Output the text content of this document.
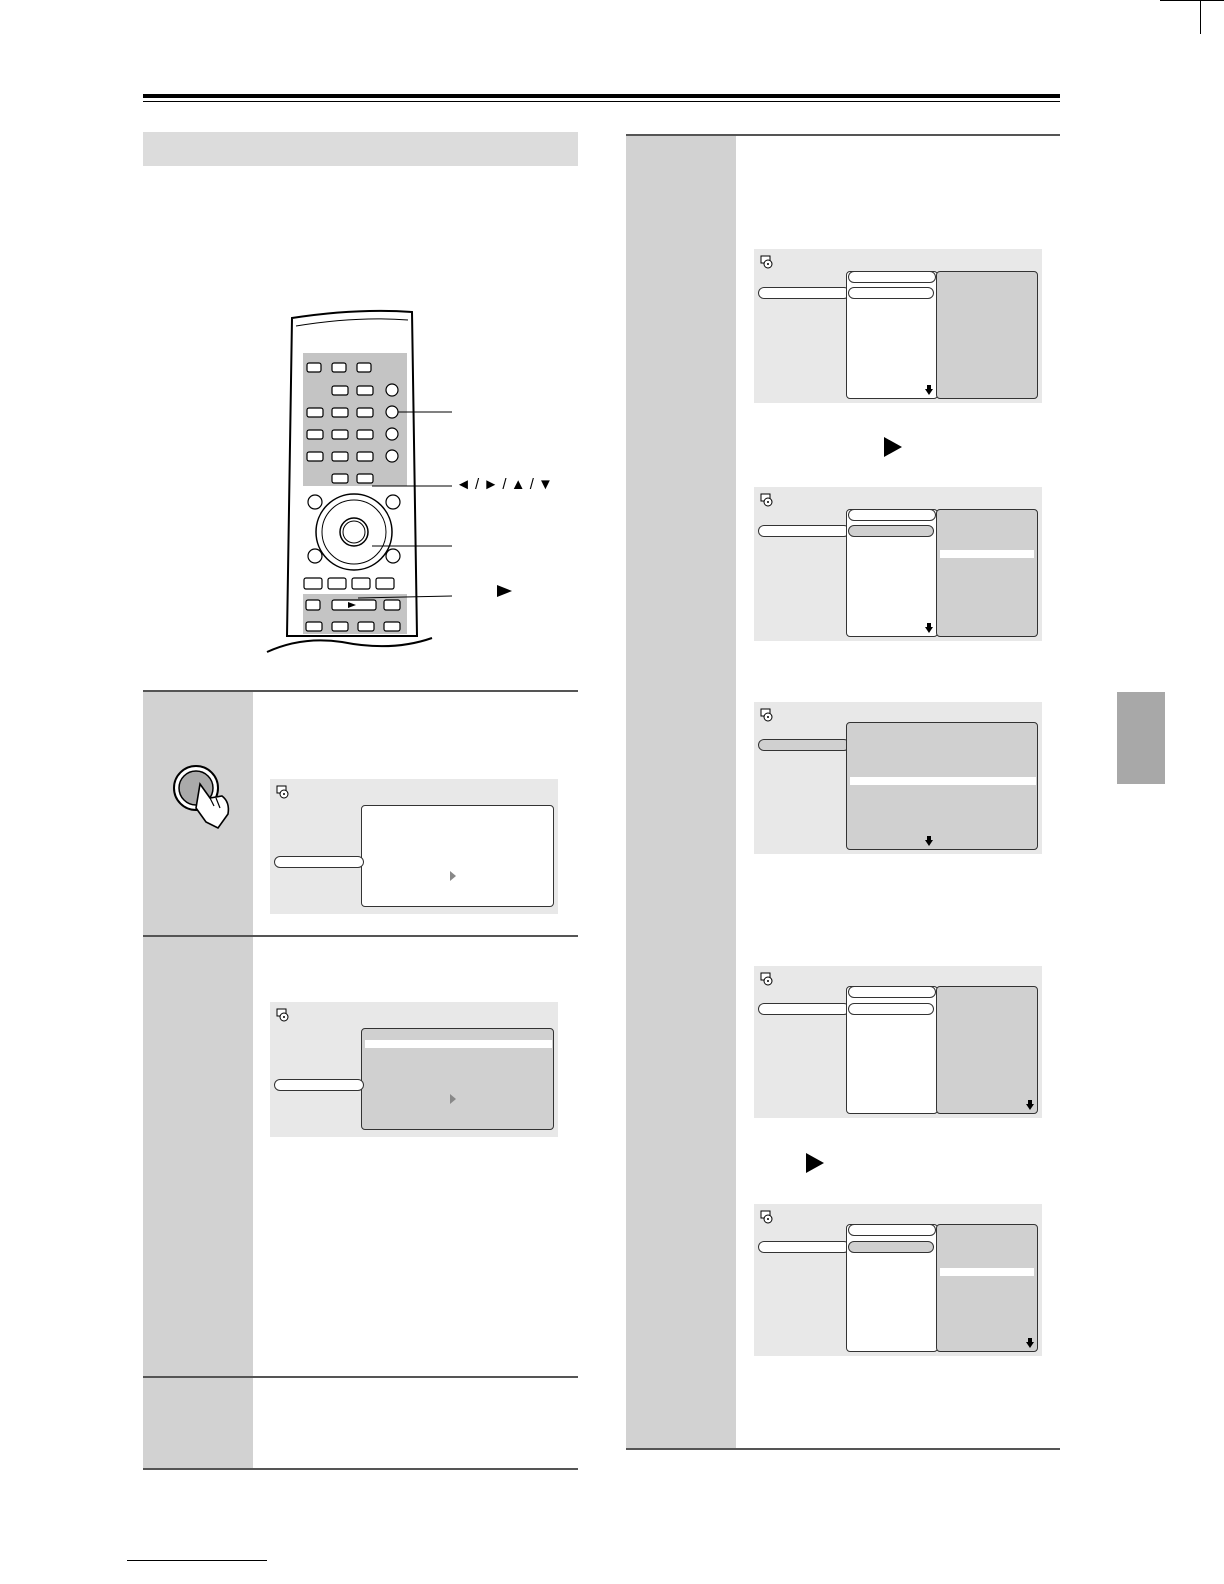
◄ / ► / ▲ / ▼
